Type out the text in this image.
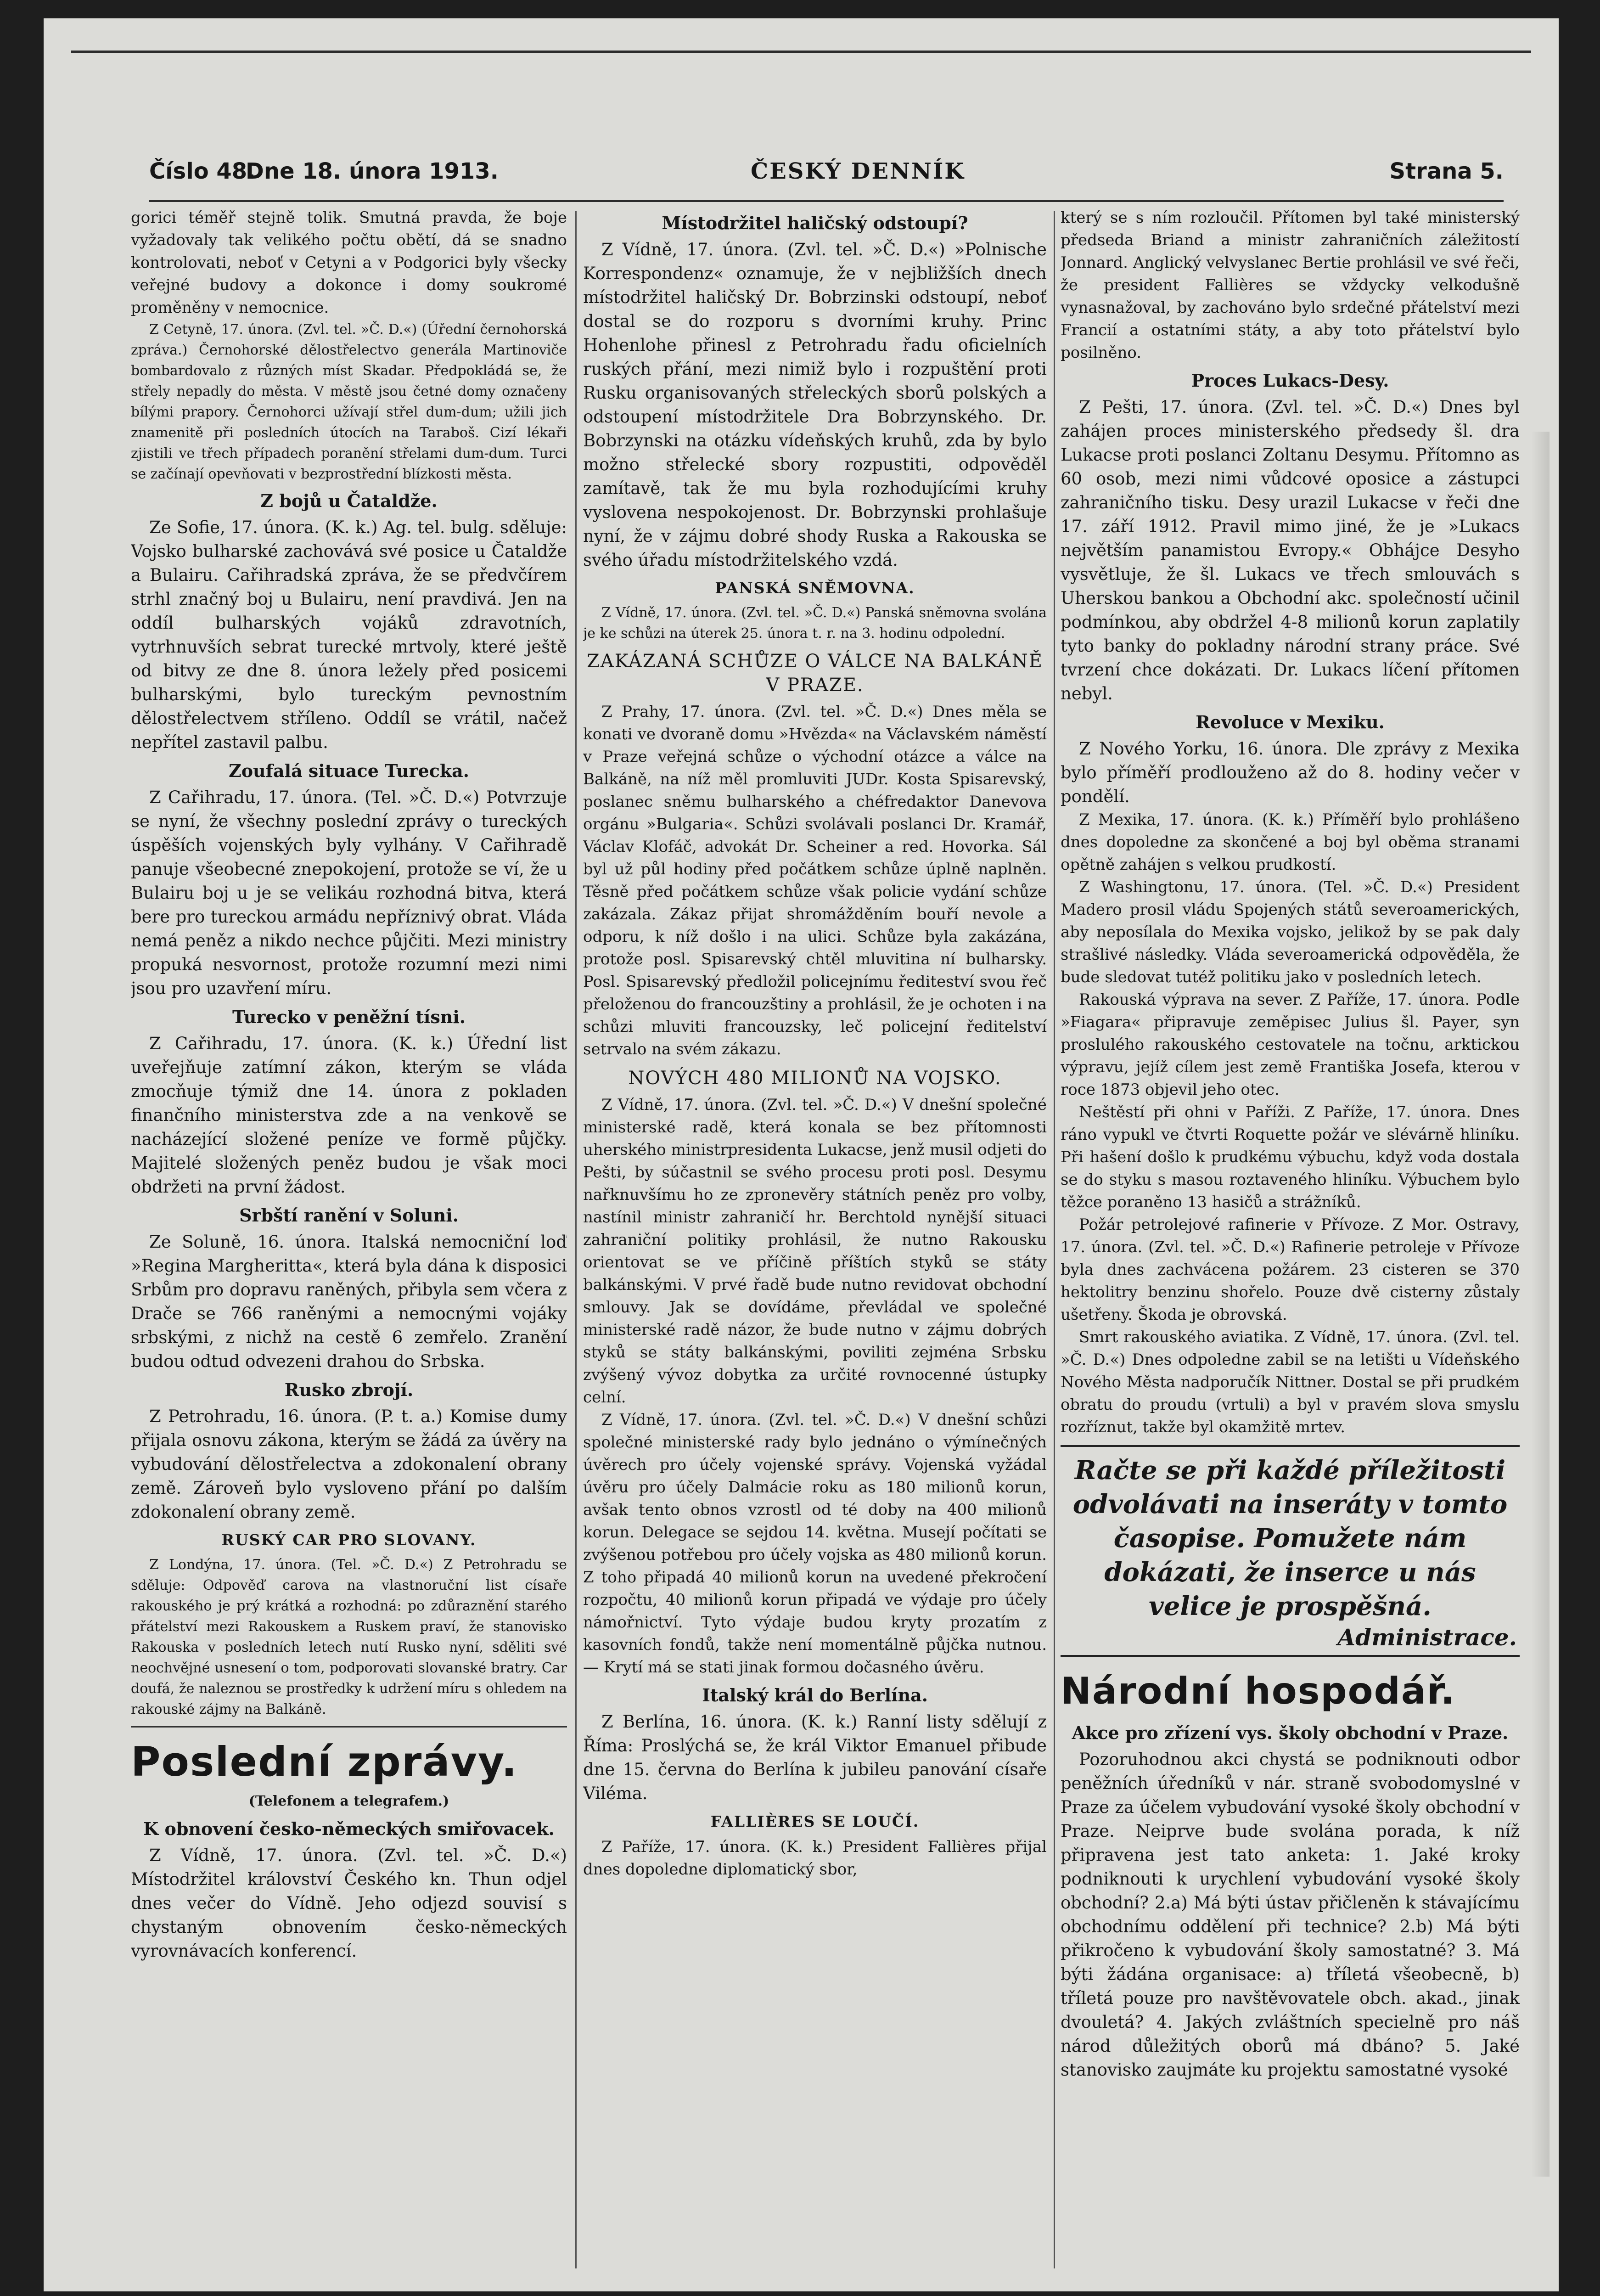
Číslo 48.
Dne 18. února 1913.	ČESKÝ DENNÍK	Strana 5.

gorici téměř stejně tolik. Smutná pravda, že boje vyžadovaly tak velikého počtu obětí, dá se snadno kontrolovati, neboť v Cetyni a v Podgorici byly všecky veřejné budovy a dokonce i domy soukromé proměněny v nemocnice.

Z Cetyně, 17. února. (Zvl. tel. »Č. D.«) (Úřední černohorská zpráva.) Černohorské dělostřelectvo generála Martinoviče bombardovalo z různých míst Skadar. Předpokládá se, že střely nepadly do města. V městě jsou četné domy označeny bílými prapory. Černohorci užívají střel dum-dum; užili jich znamenitě při posledních útocích na Taraboš. Cizí lékaři zjistili ve třech případech poranění střelami dum-dum. Turci se začínají opevňovati v bezprostřední blízkosti města.

Z bojů u Čataldže.

Ze Sofie, 17. února. (K. k.) Ag. tel. bulg. sděluje: Vojsko bulharské zachovává své posice u Čataldže a Bulairu. Cařihradská zpráva, že se předvčírem strhl značný boj u Bulairu, není pravdivá. Jen na oddíl bulharských vojáků zdravotních, vytrhnuvších sebrat turecké mrtvoly, které ještě od bitvy ze dne 8. února ležely před posicemi bulharskými, bylo tureckým pevnostním dělostřelectvem stříleno. Oddíl se vrátil, načež nepřítel zastavil palbu.

Zoufalá situace Turecka.

Z Cařihradu, 17. února. (Tel. »Č. D.«) Potvrzuje se nyní, že všechny poslední zprávy o tureckých úspěších vojenských byly vylhány. V Cařihradě panuje všeobecné znepokojení, protože se ví, že u Bulairu boj u je se velikáu rozhodná bitva, která bere pro tureckou armádu nepříznivý obrat. Vláda nemá peněz a nikdo nechce půjčiti. Mezi ministry propuká nesvornost, protože rozumní mezi nimi jsou pro uzavření míru.

Turecko v peněžní tísni.

Z Cařihradu, 17. února. (K. k.) Úřední list uveřejňuje zatímní zákon, kterým se vláda zmocňuje týmiž dne 14. února z pokladen finančního ministerstva zde a na venkově se nacházející složené peníze ve formě půjčky. Majitelé složených peněz budou je však moci obdržeti na první žádost.

Srbští ranění v Soluni.

Ze Soluně, 16. února. Italská nemocniční loď »Regina Margheritta«, která byla dána k disposici Srbům pro dopravu raněných, přibyla sem včera z Drače se 766 raněnými a nemocnými vojáky srbskými, z nichž na cestě 6 zemřelo. Zranění budou odtud odvezeni drahou do Srbska.

Rusko zbrojí.

Z Petrohradu, 16. února. (P. t. a.) Komise dumy přijala osnovu zákona, kterým se žádá za úvěry na vybudování dělostřelectva a zdokonalení obrany země. Zároveň bylo vysloveno přání po dalším zdokonalení obrany země.

RUSKÝ CAR PRO SLOVANY.

Z Londýna, 17. února. (Tel. »Č. D.«) Z Petrohradu se sděluje: Odpověď carova na vlastnoruční list císaře rakouského je prý krátká a rozhodná: po zdůraznění starého přátelství mezi Rakouskem a Ruskem praví, že stanovisko Rakouska v posledních letech nutí Rusko nyní, sděliti své neochvějné usnesení o tom, podporovati slovanské bratry. Car doufá, že naleznou se prostředky k udržení míru s ohledem na rakouské zájmy na Balkáně.

Poslední zprávy.
(Telefonem a telegrafem.)
K obnovení česko-německých smiřovacek.

Z Vídně, 17. února. (Zvl. tel. »Č. D.«) Místodržitel království Českého kn. Thun odjel dnes večer do Vídně. Jeho odjezd souvisí s chystaným obnovením česko-německých vyrovnávacích konferencí.

Místodržitel haličský odstoupí?

Z Vídně, 17. února. (Zvl. tel. »Č. D.«) »Polnische Korrespondenz« oznamuje, že v nejbližších dnech místodržitel haličský Dr. Bobrzinski odstoupí, neboť dostal se do rozporu s dvorními kruhy. Princ Hohenlohe přinesl z Petrohradu řadu oficielních ruských přání, mezi nimiž bylo i rozpuštění proti Rusku organisovaných střeleckých sborů polských a odstoupení místodržitele Dra Bobrzynského. Dr. Bobrzynski na otázku vídeňských kruhů, zda by bylo možno střelecké sbory rozpustiti, odpověděl zamítavě, tak že mu byla rozhodujícími kruhy vyslovena nespokojenost. Dr. Bobrzynski prohlašuje nyní, že v zájmu dobré shody Ruska a Rakouska se svého úřadu místodržitelského vzdá.

PANSKÁ SNĚMOVNA.

Z Vídně, 17. února. (Zvl. tel. »Č. D.«) Panská sněmovna svolána je ke schůzi na úterek 25. února t. r. na 3. hodinu odpolední.

ZAKÁZANÁ SCHŮZE O VÁLCE NA BALKÁNĚ V PRAZE.

Z Prahy, 17. února. (Zvl. tel. »Č. D.«) Dnes měla se konati ve dvoraně domu »Hvězda« na Václavském náměstí v Praze veřejná schůze o východní otázce a válce na Balkáně, na níž měl promluviti JUDr. Kosta Spisarevský, poslanec sněmu bulharského a chéfredaktor Danevova orgánu »Bulgaria«. Schůzi svolávali poslanci Dr. Kramář, Václav Klofáč, advokát Dr. Scheiner a red. Hovorka. Sál byl už půl hodiny před počátkem schůze úplně naplněn. Těsně před počátkem schůze však policie vydání schůze zakázala. Zákaz přijat shromážděním bouří nevole a odporu, k níž došlo i na ulici. Schůze byla zakázána, protože posl. Spisarevský chtěl mluvitina ní bulharsky. Posl. Spisarevský předložil policejnímu řediteství svou řeč přeloženou do francouzštiny a prohlásil, že je ochoten i na schůzi mluviti francouzsky, leč policejní ředitelství setrvalo na svém zákazu.

NOVÝCH 480 MILIONŮ NA VOJSKO.

Z Vídně, 17. února. (Zvl. tel. »Č. D.«) V dnešní společné ministerské radě, která konala se bez přítomnosti uherského ministrpresidenta Lukacse, jenž musil odjeti do Pešti, by súčastnil se svého procesu proti posl. Desymu nařknuvšímu ho ze zpronevěry státních peněz pro volby, nastínil ministr zahraničí hr. Berchtold nynější situaci zahraniční politiky prohlásil, že nutno Rakousku orientovat se ve příčině příštích styků se státy balkánskými. V prvé řadě bude nutno revidovat obchodní smlouvy. Jak se dovídáme, převládal ve společné ministerské radě názor, že bude nutno v zájmu dobrých styků se státy balkánskými, poviliti zejména Srbsku zvýšený vývoz dobytka za určité rovnocenné ústupky celní.

Z Vídně, 17. února. (Zvl. tel. »Č. D.«) V dnešní schůzi společné ministerské rady bylo jednáno o výmínečných úvěrech pro účely vojenské správy. Vojenská vyžádal úvěru pro účely Dalmácie roku as 180 milionů korun, avšak tento obnos vzrostl od té doby na 400 milionů korun. Delegace se sejdou 14. května. Musejí počítati se zvýšenou potřebou pro účely vojska as 480 milionů korun. Z toho připadá 40 milionů korun na uvedené překročení rozpočtu, 40 milionů korun připadá ve výdaje pro účely námořnictví. Tyto výdaje budou kryty prozatím z kasovních fondů, takže není momentálně půjčka nutnou. — Krytí má se stati jinak formou dočasného úvěru.

Italský král do Berlína.

Z Berlína, 16. února. (K. k.) Ranní listy sdělují z Říma: Proslýchá se, že král Viktor Emanuel přibude dne 15. června do Berlína k jubileu panování císaře Viléma.

FALLIÈRES SE LOUČÍ.

Z Paříže, 17. února. (K. k.) President Fallières přijal dnes dopoledne diplomatický sbor,

který se s ním rozloučil. Přítomen byl také ministerský předseda Briand a ministr zahraničních záležitostí Jonnard. Anglický velvyslanec Bertie prohlásil ve své řeči, že president Fallières se vždycky velkodušně vynasnažoval, by zachováno bylo srdečné přátelství mezi Francií a ostatními státy, a aby toto přátelství bylo posilněno.

Proces Lukacs-Desy.

Z Pešti, 17. února. (Zvl. tel. »Č. D.«) Dnes byl zahájen proces ministerského předsedy šl. dra Lukacse proti poslanci Zoltanu Desymu. Přítomno as 60 osob, mezi nimi vůdcové oposice a zástupci zahraničního tisku. Desy urazil Lukacse v řeči dne 17. září 1912. Pravil mimo jiné, že je »Lukacs největším panamistou Evropy.« Obhájce Desyho vysvětluje, že šl. Lukacs ve třech smlouvách s Uherskou bankou a Obchodní akc. společností učinil podmínkou, aby obdržel 4-8 milionů korun zaplatily tyto banky do pokladny národní strany práce. Své tvrzení chce dokázati. Dr. Lukacs líčení přítomen nebyl.

Revoluce v Mexiku.

Z Nového Yorku, 16. února. Dle zprávy z Mexika bylo příměří prodlouženo až do 8. hodiny večer v pondělí.

Z Mexika, 17. února. (K. k.) Příměří bylo prohlášeno dnes dopoledne za skončené a boj byl oběma stranami opětně zahájen s velkou prudkostí.

Z Washingtonu, 17. února. (Tel. »Č. D.«) President Madero prosil vládu Spojených států severoamerických, aby neposílala do Mexika vojsko, jelikož by se pak daly strašlivé následky. Vláda severoamerická odpověděla, že bude sledovat tutéž politiku jako v posledních letech.

Rakouská výprava na sever. Z Paříže, 17. února. Podle »Fiagara« připravuje zeměpisec Julius šl. Payer, syn proslulého rakouského cestovatele na točnu, arktickou výpravu, jejíž cílem jest země Františka Josefa, kterou v roce 1873 objevil jeho otec.

Neštěstí při ohni v Paříži. Z Paříže, 17. února. Dnes ráno vypukl ve čtvrti Roquette požár ve slévárně hliníku. Při hašení došlo k prudkému výbuchu, když voda dostala se do styku s masou roztaveného hliníku. Výbuchem bylo těžce poraněno 13 hasičů a strážníků.

Požár petrolejové rafinerie v Přívoze. Z Mor. Ostravy, 17. února. (Zvl. tel. »Č. D.«) Rafinerie petroleje v Přívoze byla dnes zachvácena požárem. 23 cisteren se 370 hektolitry benzinu shořelo. Pouze dvě cisterny zůstaly ušetřeny. Škoda je obrovská.

Smrt rakouského aviatika. Z Vídně, 17. února. (Zvl. tel. »Č. D.«) Dnes odpoledne zabil se na letišti u Vídeňského Nového Města nadporučík Nittner. Dostal se při prudkém obratu do proudu (vrtuli) a byl v pravém slova smyslu rozříznut, takže byl okamžitě mrtev.

Račte se při každé příležitosti odvolávati na inseráty v tomto časopise. Pomužete nám dokázati, že inserce u nás velice je prospěšná.
Administrace.
Národní hospodář.
Akce pro zřízení vys. školy obchodní v Praze.

Pozoruhodnou akci chystá se podniknouti odbor peněžních úředníků v nár. straně svobodomyslné v Praze za účelem vybudování vysoké školy obchodní v Praze. Neiprve bude svolána porada, k níž připravena jest tato anketa: 1. Jaké kroky podniknouti k urychlení vybudování vysoké školy obchodní? 2.a) Má býti ústav přičleněn k stávajícímu obchodnímu oddělení při technice? 2.b) Má býti přikročeno k vybudování školy samostatné? 3. Má býti žádána organisace: a) tříletá všeobecně, b) tříletá pouze pro navštěvovatele obch. akad., jinak dvouletá? 4. Jakých zvláštních specielně pro náš národ důležitých oborů má dbáno? 5. Jaké stanovisko zaujmáte ku projektu samostatné vysoké
